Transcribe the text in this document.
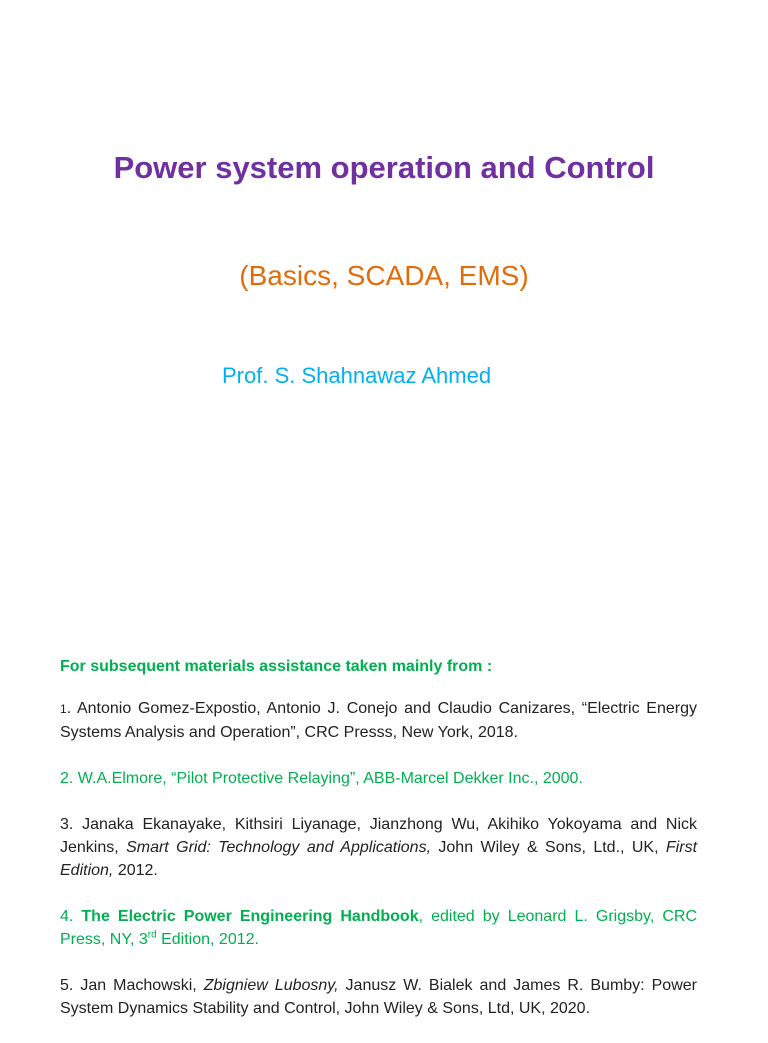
Power system operation and Control
(Basics, SCADA, EMS)
Prof. S. Shahnawaz Ahmed

For subsequent materials assistance taken mainly from :

1. Antonio Gomez-Expostio, Antonio J. Conejo and Claudio Canizares, “Electric Energy Systems Analysis and Operation”, CRC Presss, New York, 2018.

2. W.A.Elmore, “Pilot Protective Relaying”, ABB-Marcel Dekker Inc., 2000.

3. Janaka Ekanayake, Kithsiri Liyanage, Jianzhong Wu, Akihiko Yokoyama and Nick Jenkins, Smart Grid: Technology and Applications, John Wiley & Sons, Ltd., UK, First Edition, 2012.

4. The Electric Power Engineering Handbook, edited by Leonard L. Grigsby, CRC Press, NY, 3rd Edition, 2012.

5. Jan Machowski, Zbigniew Lubosny, Janusz W. Bialek and James R. Bumby: Power System Dynamics Stability and Control, John Wiley & Sons, Ltd, UK, 2020.
